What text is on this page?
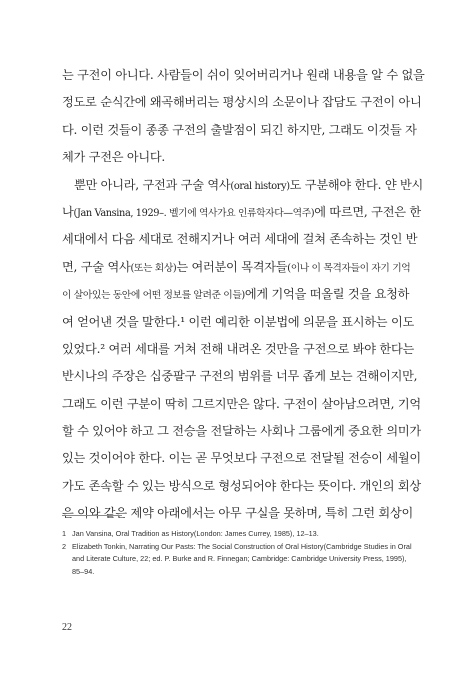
는 구전이 아니다. 사람들이 쉬이 잊어버리거나 원래 내용을 알 수 없을
정도로 순식간에 왜곡해버리는 평상시의 소문이나 잡담도 구전이 아니
다. 이런 것들이 종종 구전의 출발점이 되긴 하지만, 그래도 이것들 자
체가 구전은 아니다.
뿐만 아니라, 구전과 구술 역사(oral history)도 구분해야 한다. 얀 반시
나(Jan Vansina, 1929–. 벨기에 역사가요 인류학자다—역주)에 따르면, 구전은 한
세대에서 다음 세대로 전해지거나 여러 세대에 걸쳐 존속하는 것인 반
면, 구술 역사(또는 회상)는 여러분이 목격자들(이나 이 목격자들이 자기 기억
이 살아있는 동안에 어떤 정보를 알려준 이들)에게 기억을 떠올릴 것을 요청하
여 얻어낸 것을 말한다.¹ 이런 예리한 이분법에 의문을 표시하는 이도
있었다.² 여러 세대를 거쳐 전해 내려온 것만을 구전으로 봐야 한다는
반시나의 주장은 십중팔구 구전의 범위를 너무 좁게 보는 견해이지만,
그래도 이런 구분이 딱히 그르지만은 않다. 구전이 살아남으려면, 기억
할 수 있어야 하고 그 전승을 전달하는 사회나 그룹에게 중요한 의미가
있는 것이어야 한다. 이는 곧 무엇보다 구전으로 전달될 전승이 세월이
가도 존속할 수 있는 방식으로 형성되어야 한다는 뜻이다. 개인의 회상
은 이와 같은 제약 아래에서는 아무 구실을 못하며, 특히 그런 회상이
1 Jan Vansina, Oral Tradition as History(London: James Currey, 1985), 12–13.
2 Elizabeth Tonkin, Narrating Our Pasts: The Social Construction of Oral History(Cambridge Studies in Oral and Literate Culture, 22; ed. P. Burke and R. Finnegan; Cambridge: Cambridge University Press, 1995), 85–94.
22
